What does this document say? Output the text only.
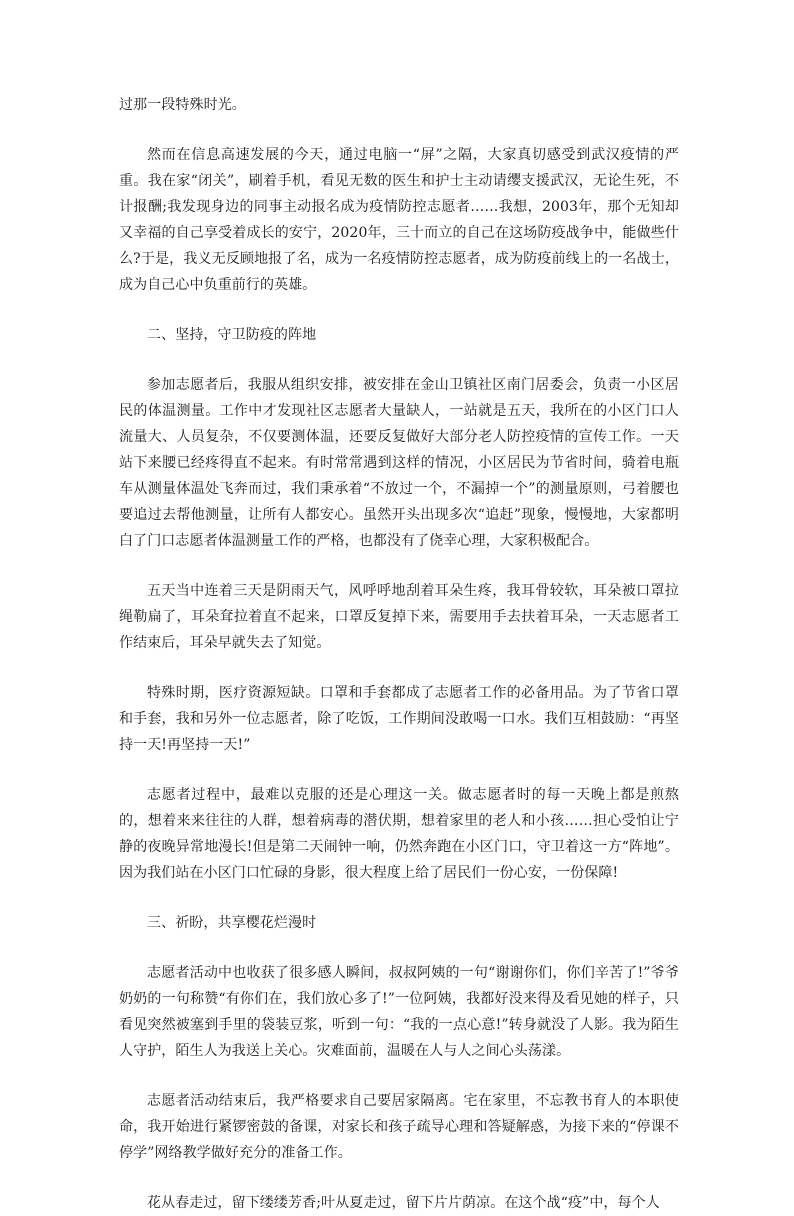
过那一段特殊时光。

然而在信息高速发展的今天，通过电脑一“屏”之隔，大家真切感受到武汉疫情的严重。我在家“闭关”，刷着手机，看见无数的医生和护士主动请缨支援武汉，无论生死，不计报酬;我发现身边的同事主动报名成为疫情防控志愿者……我想，2003年，那个无知却又幸福的自己享受着成长的安宁，2020年，三十而立的自己在这场防疫战争中，能做些什么?于是，我义无反顾地报了名，成为一名疫情防控志愿者，成为防疫前线上的一名战士，成为自己心中负重前行的英雄。

二、坚持，守卫防疫的阵地

参加志愿者后，我服从组织安排，被安排在金山卫镇社区南门居委会，负责一小区居民的体温测量。工作中才发现社区志愿者大量缺人，一站就是五天，我所在的小区门口人流量大、人员复杂，不仅要测体温，还要反复做好大部分老人防控疫情的宣传工作。一天站下来腰已经疼得直不起来。有时常常遇到这样的情况，小区居民为节省时间，骑着电瓶车从测量体温处飞奔而过，我们秉承着“不放过一个，不漏掉一个”的测量原则，弓着腰也要追过去帮他测量，让所有人都安心。虽然开头出现多次“追赶”现象，慢慢地，大家都明白了门口志愿者体温测量工作的严格，也都没有了侥幸心理，大家积极配合。

五天当中连着三天是阴雨天气，风呼呼地刮着耳朵生疼，我耳骨较软，耳朵被口罩拉绳勒扁了，耳朵耷拉着直不起来，口罩反复掉下来，需要用手去扶着耳朵，一天志愿者工作结束后，耳朵早就失去了知觉。

特殊时期，医疗资源短缺。口罩和手套都成了志愿者工作的必备用品。为了节省口罩和手套，我和另外一位志愿者，除了吃饭，工作期间没敢喝一口水。我们互相鼓励：“再坚持一天!再坚持一天!”

志愿者过程中，最难以克服的还是心理这一关。做志愿者时的每一天晚上都是煎熬的，想着来来往往的人群，想着病毒的潜伏期，想着家里的老人和小孩……担心受怕让宁静的夜晚异常地漫长!但是第二天闹钟一响，仍然奔跑在小区门口，守卫着这一方“阵地”。因为我们站在小区门口忙碌的身影，很大程度上给了居民们一份心安，一份保障!

三、祈盼，共享樱花烂漫时

志愿者活动中也收获了很多感人瞬间，叔叔阿姨的一句“谢谢你们，你们辛苦了!”爷爷奶奶的一句称赞“有你们在，我们放心多了!”一位阿姨，我都好没来得及看见她的样子，只看见突然被塞到手里的袋装豆浆，听到一句：“我的一点心意!”转身就没了人影。我为陌生人守护，陌生人为我送上关心。灾难面前，温暖在人与人之间心头荡漾。

志愿者活动结束后，我严格要求自己要居家隔离。宅在家里，不忘教书育人的本职使命，我开始进行紧锣密鼓的备课，对家长和孩子疏导心理和答疑解惑，为接下来的“停课不停学”网络教学做好充分的准备工作。

花从春走过，留下缕缕芳香;叶从夏走过，留下片片荫凉。在这个战“疫”中，每个人
